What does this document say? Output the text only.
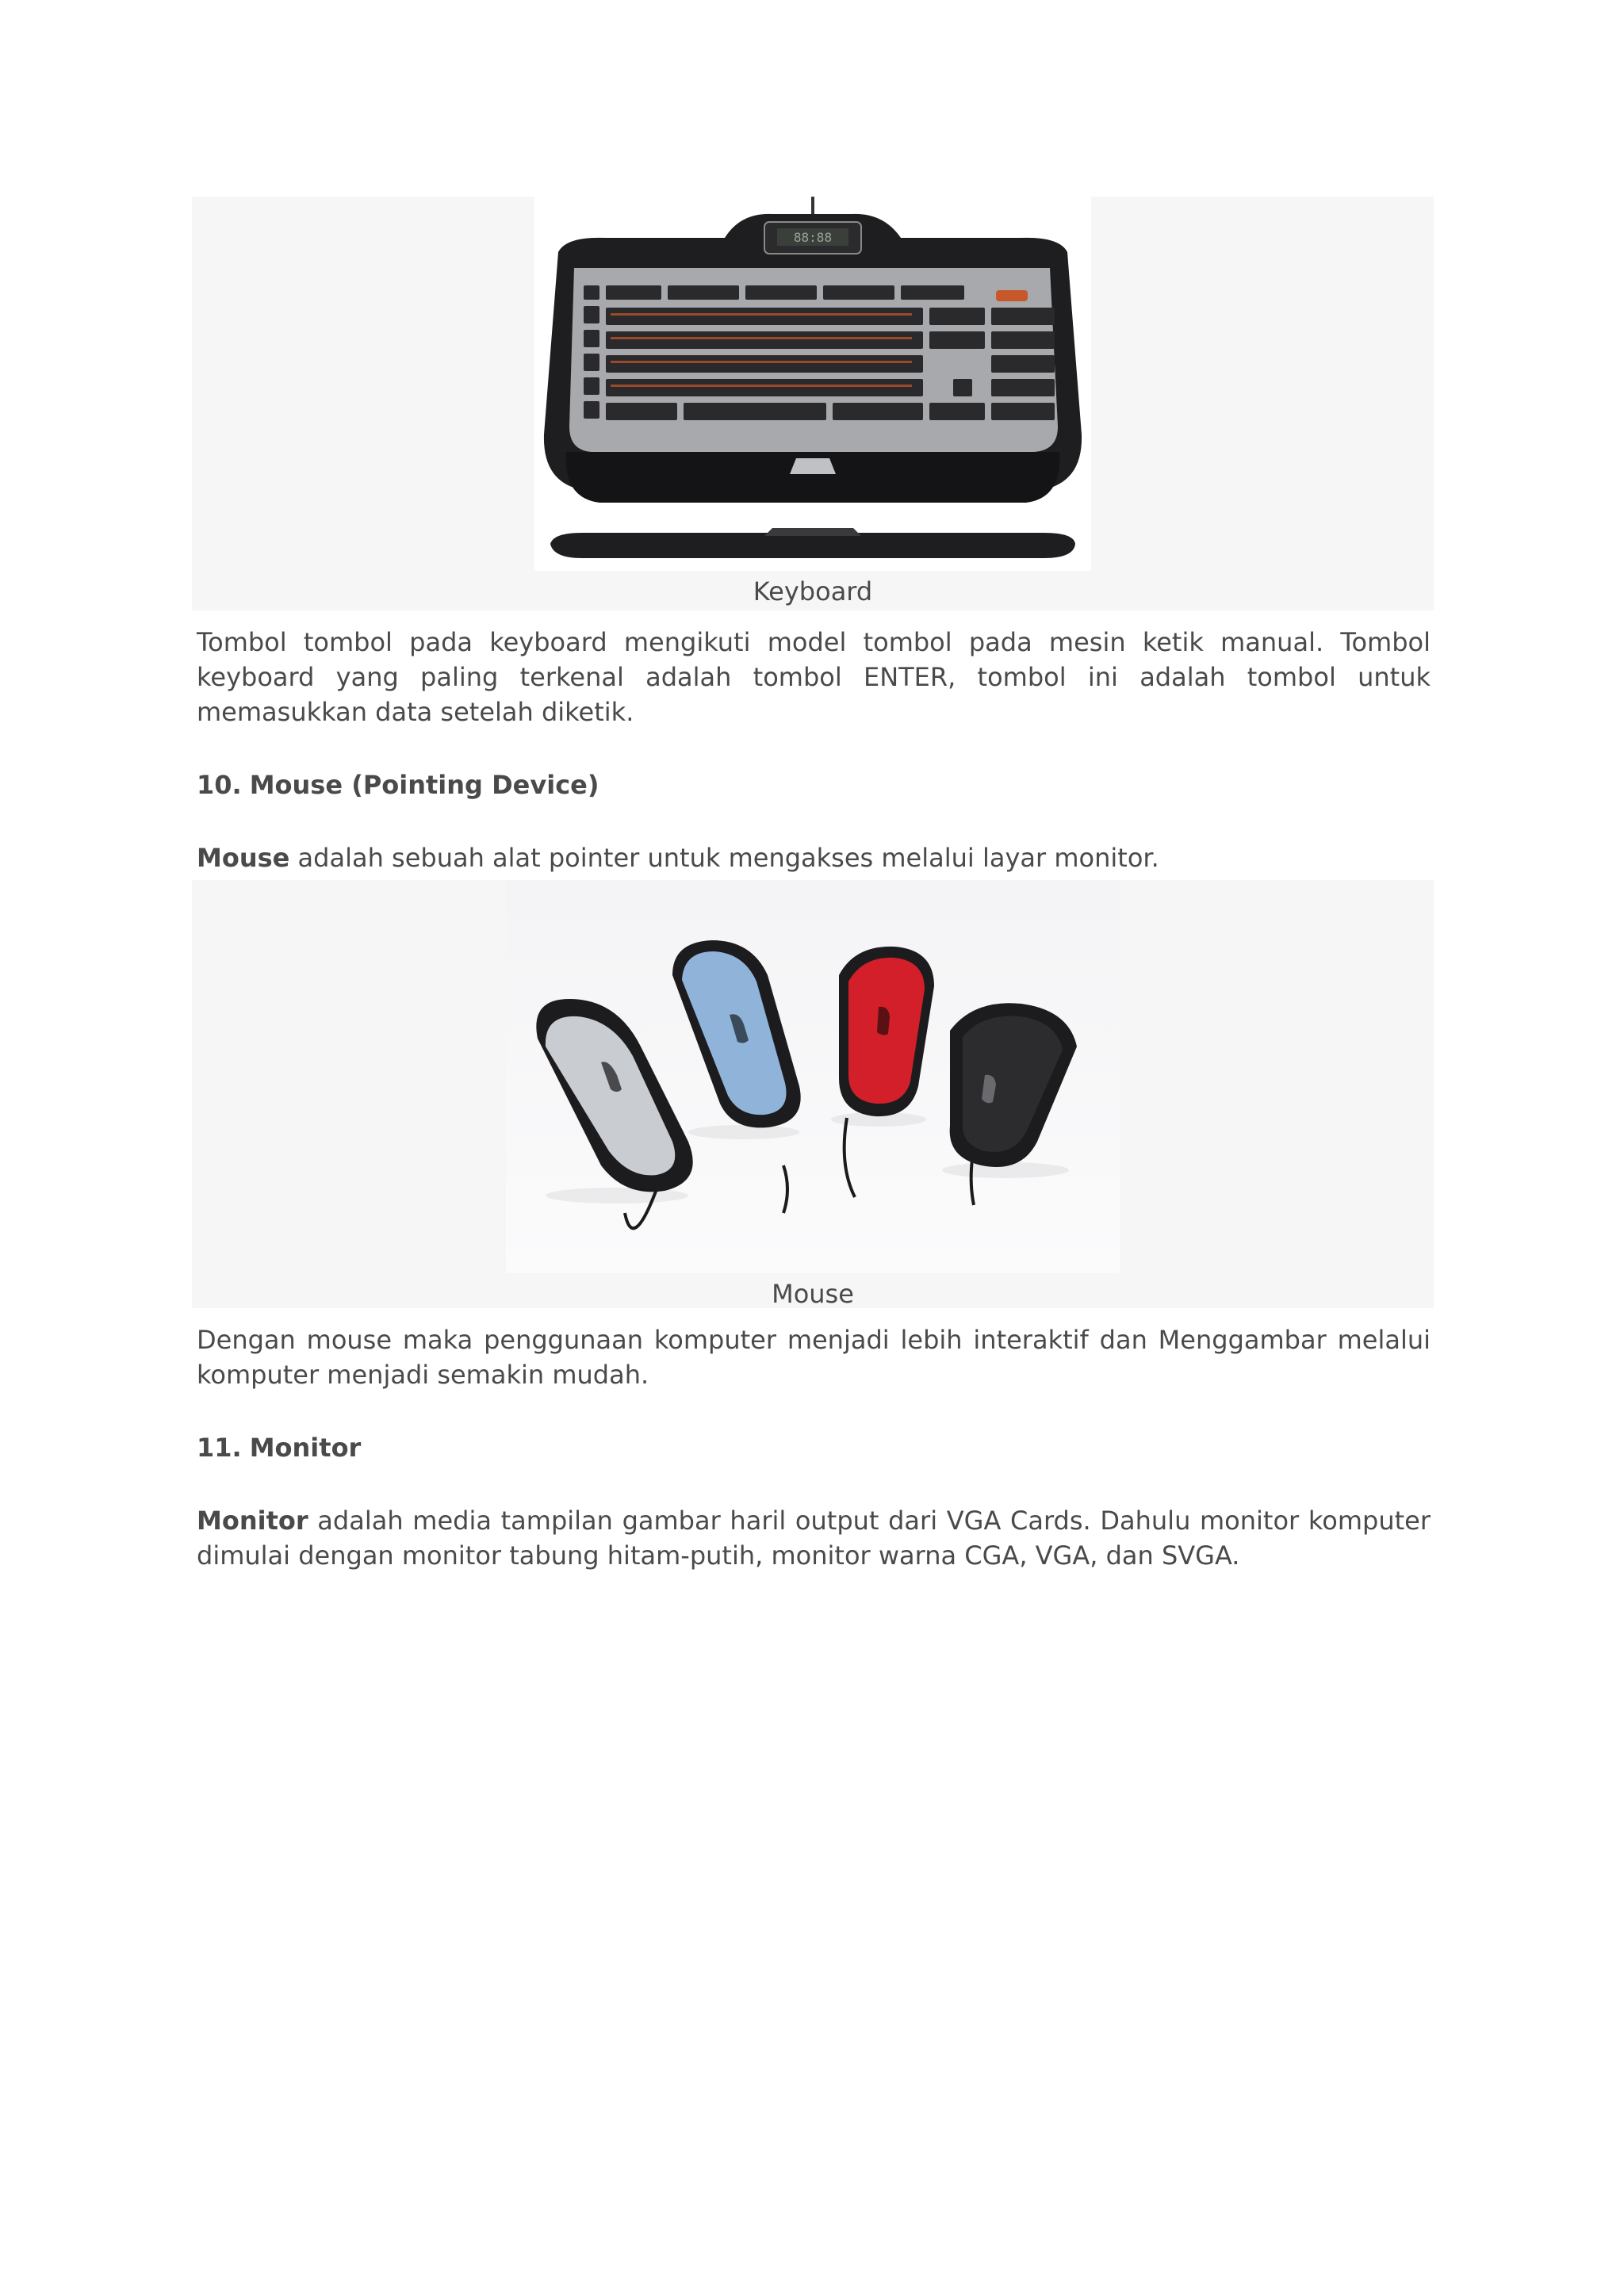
88:88
Keyboard

Tombol tombol pada keyboard mengikuti model tombol pada mesin ketik manual. Tombol keyboard yang paling terkenal adalah tombol ENTER, tombol ini adalah tombol untuk memasukkan data setelah diketik.

10. Mouse (Pointing Device)

Mouse adalah sebuah alat pointer untuk mengakses melalui layar monitor.

Mouse

Dengan mouse maka penggunaan komputer menjadi lebih interaktif dan Menggambar melalui komputer menjadi semakin mudah.

11. Monitor

Monitor adalah media tampilan gambar haril output dari VGA Cards. Dahulu monitor komputer dimulai dengan monitor tabung hitam-putih, monitor warna CGA, VGA, dan SVGA.
